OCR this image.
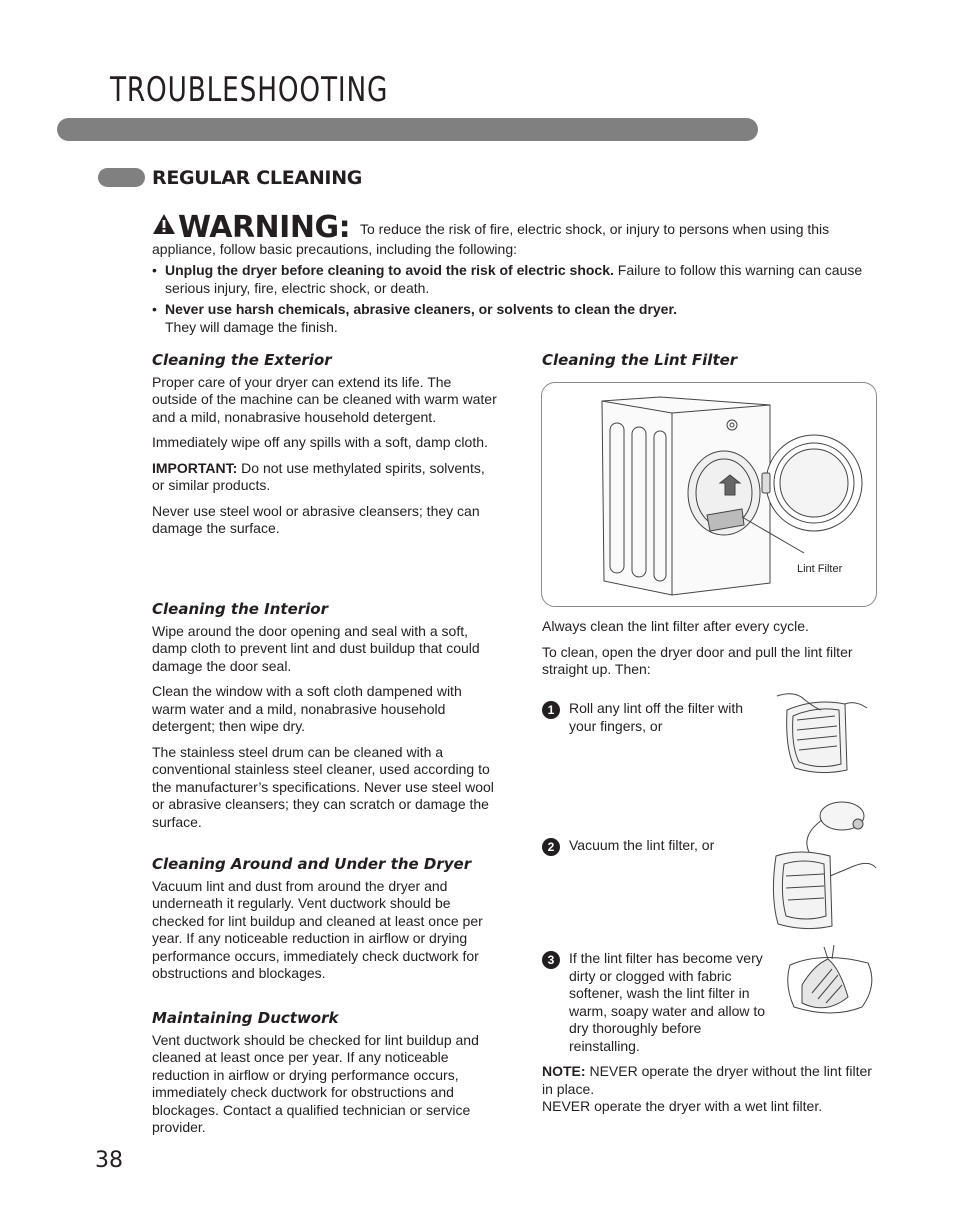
TROUBLESHOOTING
REGULAR CLEANING
WARNING: To reduce the risk of fire, electric shock, or injury to persons when using this appliance, follow basic precautions, including the following:
• Unplug the dryer before cleaning to avoid the risk of electric shock. Failure to follow this warning can cause serious injury, fire, electric shock, or death.
• Never use harsh chemicals, abrasive cleaners, or solvents to clean the dryer.
They will damage the finish.
Cleaning the Exterior

Proper care of your dryer can extend its life. The outside of the machine can be cleaned with warm water and a mild, nonabrasive household detergent.

Immediately wipe off any spills with a soft, damp cloth.

IMPORTANT: Do not use methylated spirits, solvents, or similar products.

Never use steel wool or abrasive cleansers; they can damage the surface.

Cleaning the Interior

Wipe around the door opening and seal with a soft, damp cloth to prevent lint and dust buildup that could damage the door seal.

Clean the window with a soft cloth dampened with warm water and a mild, nonabrasive household detergent; then wipe dry.

The stainless steel drum can be cleaned with a conventional stainless steel cleaner, used according to the manufacturer’s specifications. Never use steel wool or abrasive cleansers; they can scratch or damage the surface.

Cleaning Around and Under the Dryer

Vacuum lint and dust from around the dryer and underneath it regularly. Vent ductwork should be checked for lint buildup and cleaned at least once per year. If any noticeable reduction in airflow or drying performance occurs, immediately check ductwork for obstructions and blockages.

Maintaining Ductwork

Vent ductwork should be checked for lint buildup and cleaned at least once per year. If any noticeable reduction in airflow or drying performance occurs, immediately check ductwork for obstructions and blockages. Contact a qualified technician or service provider.

Cleaning the Lint Filter
Lint Filter

Always clean the lint filter after every cycle.

To clean, open the dryer door and pull the lint filter straight up. Then:

1	Roll any lint off the filter with your fingers, or
2	Vacuum the lint filter, or
3	If the lint filter has become very dirty or clogged with fabric softener, wash the lint filter in warm, soapy water and allow to dry thoroughly before reinstalling.
NOTE: NEVER operate the dryer without the lint filter in place.
NEVER operate the dryer with a wet lint filter.
38
